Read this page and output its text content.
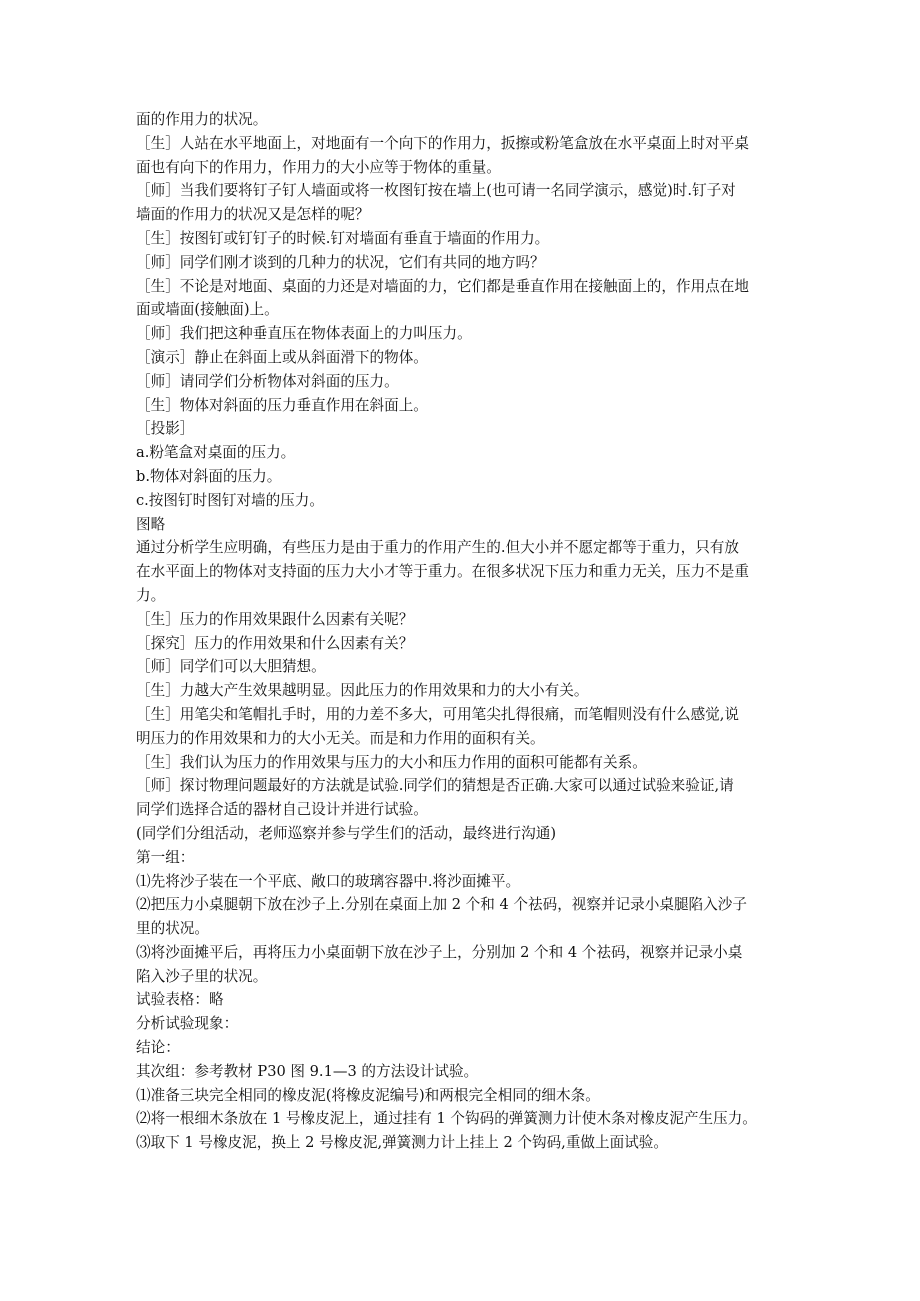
面的作用力的状况。
［生］人站在水平地面上，对地面有一个向下的作用力，扳擦或粉笔盒放在水平桌面上时对平桌
面也有向下的作用力，作用力的大小应等于物体的重量。
［师］当我们要将钉子钉人墙面或将一枚图钉按在墙上(也可请一名同学演示，感觉)时.钉子对
墙面的作用力的状况又是怎样的呢？
［生］按图钉或钉钉子的时候.钉对墙面有垂直于墙面的作用力。
［师］同学们刚才谈到的几种力的状况，它们有共同的地方吗？
［生］不论是对地面、桌面的力还是对墙面的力，它们都是垂直作用在接触面上的，作用点在地
面或墙面(接触面)上。
［师］我们把这种垂直压在物体表面上的力叫压力。
［演示］静止在斜面上或从斜面滑下的物体。
［师］请同学们分析物体对斜面的压力。
［生］物体对斜面的压力垂直作用在斜面上。
［投影］
a.粉笔盒对桌面的压力。
b.物体对斜面的压力。
c.按图钉时图钉对墙的压力。
图略
通过分析学生应明确，有些压力是由于重力的作用产生的.但大小并不愿定都等于重力，只有放
在水平面上的物体对支持面的压力大小才等于重力。在很多状况下压力和重力无关，压力不是重
力。
［生］压力的作用效果跟什么因素有关呢？
［探究］压力的作用效果和什么因素有关？
［师］同学们可以大胆猜想。
［生］力越大产生效果越明显。因此压力的作用效果和力的大小有关。
［生］用笔尖和笔帽扎手时，用的力差不多大，可用笔尖扎得很痛，而笔帽则没有什么感觉,说
明压力的作用效果和力的大小无关。而是和力作用的面积有关。
［生］我们认为压力的作用效果与压力的大小和压力作用的面积可能都有关系。
［师］探讨物理问题最好的方法就是试验.同学们的猜想是否正确.大家可以通过试验来验证,请
同学们选择合适的器材自己设计并进行试验。
(同学们分组活动，老师巡察并参与学生们的活动，最终进行沟通)
第一组：
⑴先将沙子装在一个平底、敞口的玻璃容器中.将沙面摊平。
⑵把压力小桌腿朝下放在沙子上.分别在桌面上加 2 个和 4 个祛码，视察并记录小桌腿陷入沙子
里的状况。
⑶将沙面摊平后，再将压力小桌面朝下放在沙子上，分别加 2 个和 4 个祛码，视察并记录小桌
陷入沙子里的状况。
试验表格：略
分析试验现象：
结论：
其次组：参考教材 P30 图 9.1—3 的方法设计试验。
⑴准备三块完全相同的橡皮泥(将橡皮泥编号)和两根完全相同的细木条。
⑵将一根细木条放在 1 号橡皮泥上，通过挂有 1 个钩码的弹簧测力计使木条对橡皮泥产生压力。
⑶取下 1 号橡皮泥，换上 2 号橡皮泥,弹簧测力计上挂上 2 个钩码,重做上面试验。
